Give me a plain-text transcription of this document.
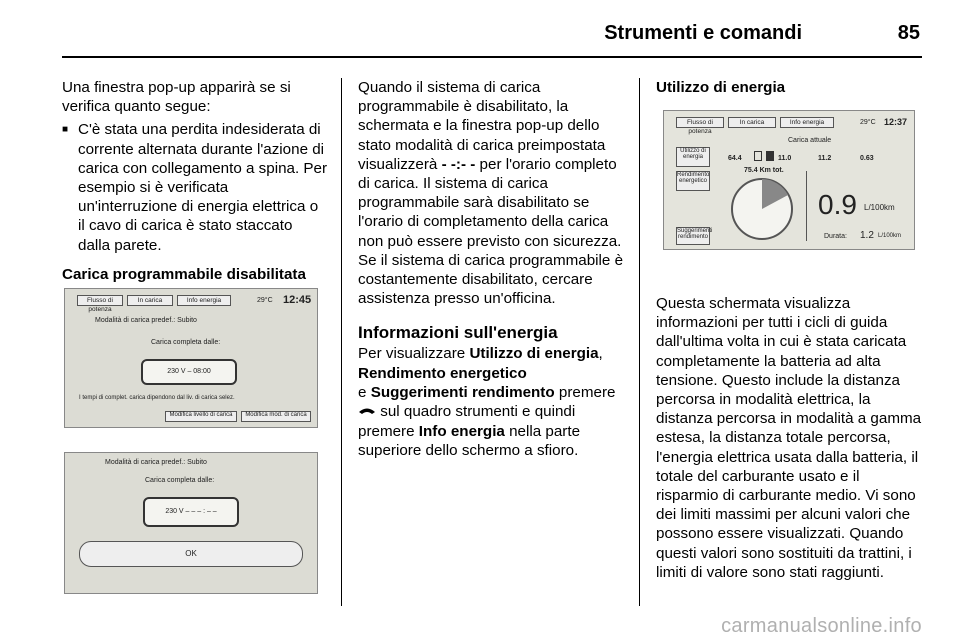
Strumenti e comandi	85

Una finestra pop-up apparirà se si verifica quanto segue:

■ C'è stata una perdita indesiderata di corrente alternata durante l'azione di carica con collegamento a spina. Per esempio si è verificata un'interruzione di energia elettrica o il cavo di carica è stato staccato dalla parete.

Carica programmabile disabilitata

Flusso di potenza
In carica	Info energia	29°C 12:45
Modalità di carica predef.: Subito
Carica completa dalle:
230 V – 08:00
I tempi di complet. carica dipendono dal liv. di carica selez.
Modifica livello di carica	Modifica mod. di carica
Modalità di carica predef.: Subito
Carica completa dalle:
230 V – – – : – –
OK

Quando il sistema di carica programmabile è disabilitato, la schermata e la finestra pop-up dello stato modalità di carica preimpostata visualizzerà - -:- - per l'orario completo di carica. Il sistema di carica programmabile sarà disabilitato se l'orario di completamento della carica non può essere previsto con sicurezza. Se il sistema di carica programmabile è costantemente disabilitato, cercare assistenza presso un'officina.

Informazioni sull'energia

Per visualizzare Utilizzo di energia,
Rendimento energetico
e Suggerimenti rendimento premere  sul quadro strumenti e quindi premere Info energia nella parte superiore dello schermo a sfioro.

Utilizzo di energia

Flusso di potenza
In carica	Info energia	29°C 12:37
Carica attuale
Utilizzo di energia
Rendimento energetico
Suggerimenti rendimento
64.4	11.0	11.2	0.63
75.4 Km tot.
0.9 L/100km
Durata: 1.2 L/100km

Questa schermata visualizza informazioni per tutti i cicli di guida dall'ultima volta in cui è stata caricata completamente la batteria ad alta tensione. Questo include la distanza percorsa in modalità elettrica, la distanza percorsa in modalità a gamma estesa, la distanza totale percorsa, l'energia elettrica usata dalla batteria, il totale del carburante usato e il risparmio di carburante medio. Vi sono dei limiti massimi per alcuni valori che possono essere visualizzati. Quando questi valori sono sostituiti da trattini, i limiti di valore sono stati raggiunti.

carmanualsonline.info
